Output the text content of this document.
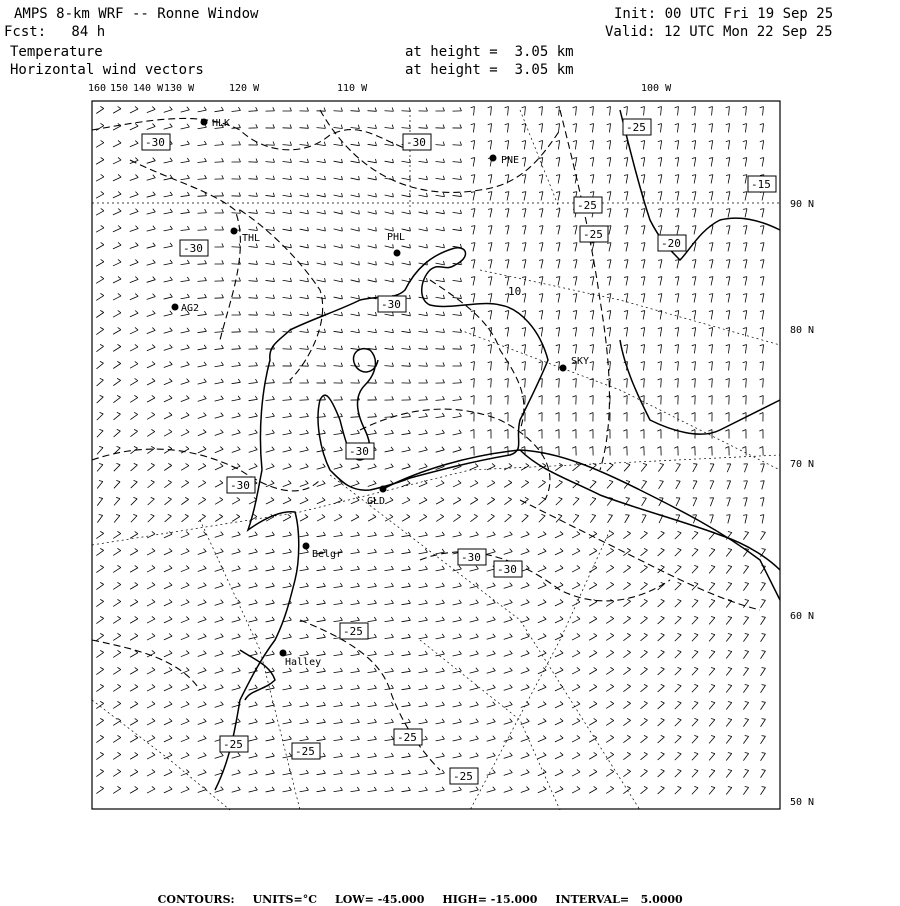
AMPS 8-km WRF -- Ronne Window
Fcst:   84 h
Init: 00 UTC Fri 19 Sep 25
Valid: 12 UTC Mon 22 Sep 25
Temperature	at height =  3.05 km
Horizontal wind vectors	at height =  3.05 km
HLK
PNE
THL	PHL
AG2
SKY
GLD
Belgr
Halley
-30	-30
-25
-25
-15
-30	-20
-30
-30
-30
-30
-30
-25
-25
-25
-25
-25
-25
10
160 150 140 W 130 W	120 W	110 W	100 W
90 N
80 N
70 N
60 N
50 N

CONTOURS: UNITS=°C LOW= -45.000 HIGH= -15.000 INTERVAL=   5.0000
